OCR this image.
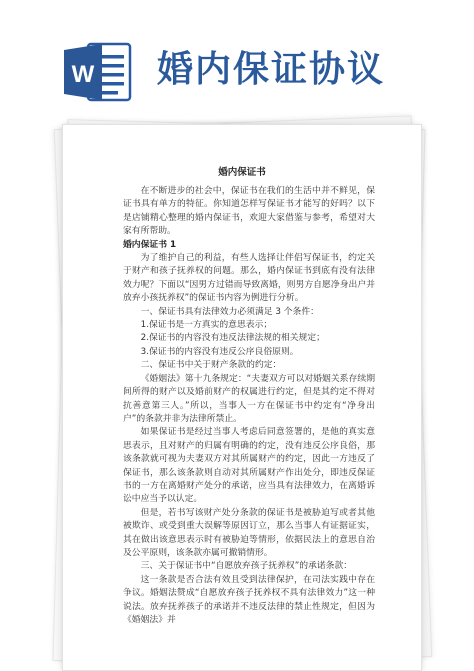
W 婚内保证协议
婚内保证书

在不断进步的社会中，保证书在我们的生活中并不鲜见，保证书具有单方的特征。你知道怎样写保证书才能写的好吗？以下是店铺精心整理的婚内保证书，欢迎大家借鉴与参考，希望对大家有所帮助。

婚内保证书 1

为了维护自己的利益，有些人选择让伴侣写保证书，约定关于财产和孩子抚养权的问题。那么，婚内保证书到底有没有法律效力呢？下面以“因男方过错而导致离婚，则男方自愿净身出户并放弃小孩抚养权”的保证书内容为例进行分析。

一、保证书具有法律效力必须满足 3 个条件：

1.保证书是一方真实的意思表示；

2.保证书的内容没有违反法律法规的相关规定；

3.保证书的内容没有违反公序良俗原则。

二、保证书中关于财产条款的约定：

《婚姻法》第十九条规定：“夫妻双方可以对婚姻关系存续期间所得的财产以及婚前财产的权属进行约定，但是其约定不得对抗善意第三人。”所以，当事人一方在保证书中约定有“净身出户”的条款并非为法律所禁止。

如果保证书是经过当事人考虑后同意签署的，是他的真实意思表示，且对财产的归属有明确的约定，没有违反公序良俗，那该条款就可视为夫妻双方对其所属财产的约定，因此一方违反了保证书，那么该条款则自动对其所属财产作出处分，即违反保证书的一方在离婚财产处分的承诺，应当具有法律效力，在离婚诉讼中应当予以认定。

但是，若书写该财产处分条款的保证书是被胁迫写或者其他被欺诈、或受到重大误解等原因订立，那么当事人有证据证实，其在做出该意思表示时有被胁迫等情形，依据民法上的意思自治及公平原则，该条款亦属可撤销情形。

三、关于保证书中“自愿放弃孩子抚养权”的承诺条款：

这一条款是否合法有效且受到法律保护，在司法实践中存在争议。婚姻法赞成“自愿放弃孩子抚养权不具有法律效力”这一种说法。放弃抚养孩子的承诺并不违反法律的禁止性规定，但因为《婚姻法》并
